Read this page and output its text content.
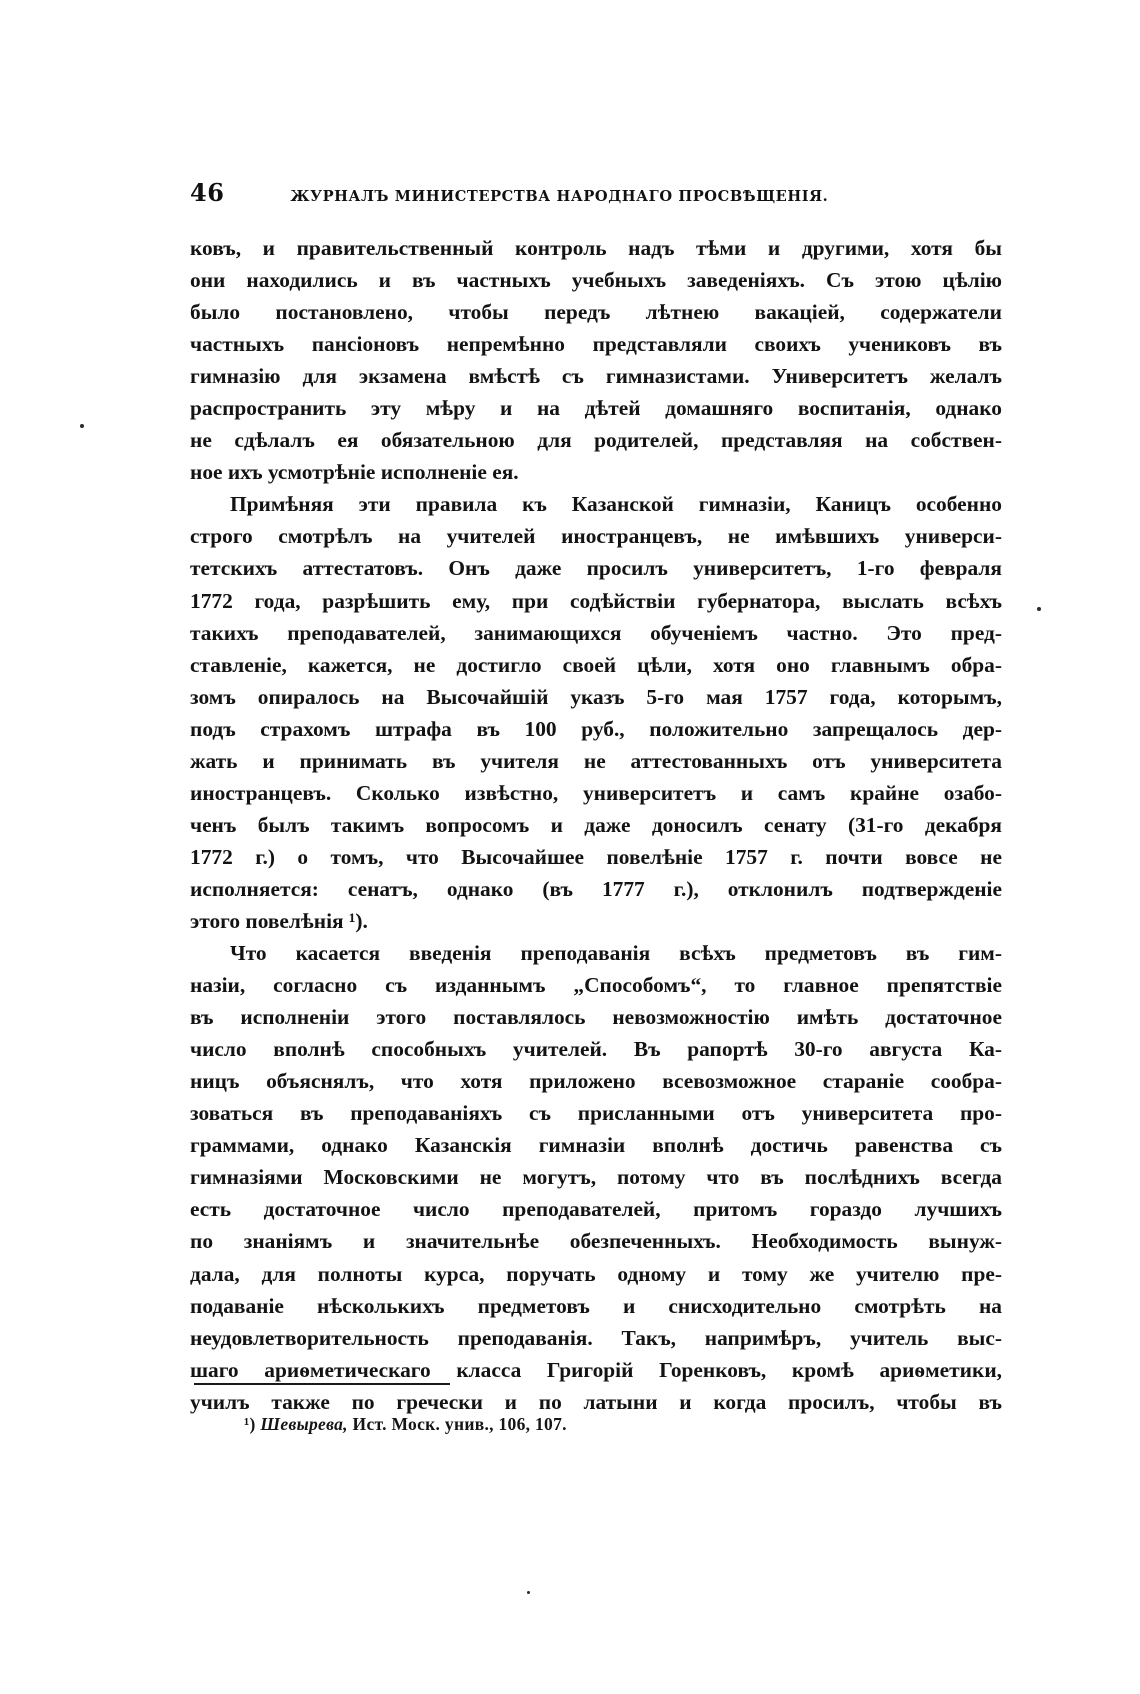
46	ЖУРНАЛЪ МИНИСТЕРСТВА НАРОДНАГО ПРОСВѢЩЕНІЯ.
ковъ, и правительственный контроль надъ тѣми и другими, хотя бы
они находились и въ частныхъ учебныхъ заведеніяхъ. Съ этою цѣлію
было постановлено, чтобы передъ лѣтнею вакацiей, содержатели
частныхъ пансіоновъ непремѣнно представляли своихъ учениковъ въ
гимназію для экзамена вмѣстѣ съ гимназистами. Университетъ желалъ
распространить эту мѣру и на дѣтей домашняго воспитанія, однако
не сдѣлалъ ея обязательною для родителей, представляя на собствен-
ное ихъ усмотрѣніе исполненіе ея.
Примѣняя эти правила къ Казанской гимназіи, Каницъ особенно
строго смотрѣлъ на учителей иностранцевъ, не имѣвшихъ универси-
тетскихъ аттестатовъ. Онъ даже просилъ университетъ, 1-го февраля
1772 года, разрѣшить ему, при содѣйствіи губернатора, выслать всѣхъ
такихъ преподавателей, занимающихся обученіемъ частно. Это пред-
ставленіе, кажется, не достигло своей цѣли, хотя оно главнымъ обра-
зомъ опиралось на Высочайшій указъ 5-го мая 1757 года, которымъ,
подъ страхомъ штрафа въ 100 руб., положительно запрещалось дер-
жать и принимать въ учителя не аттестованныхъ отъ университета
иностранцевъ. Сколько извѣстно, университетъ и самъ крайне озабо-
ченъ былъ такимъ вопросомъ и даже доносилъ сенату (31-го декабря
1772 г.) о томъ, что Высочайшее повелѣніе 1757 г. почти вовсе не
исполняется: сенатъ, однако (въ 1777 г.), отклонилъ подтвержденіе
этого повелѣнія ¹).
Что касается введенія преподаванія всѣхъ предметовъ въ гим-
назіи, согласно съ изданнымъ „Способомъ“, то главное препятствіе
въ исполненіи этого поставлялось невозможностію имѣть достаточное
число вполнѣ способныхъ учителей. Въ рапортѣ 30-го августа Ка-
ницъ объяснялъ, что хотя приложено всевозможное стараніе сообра-
зоваться въ преподаваніяхъ съ присланными отъ университета про-
граммами, однако Казанскія гимназіи вполнѣ достичь равенства съ
гимназіями Московскими не могутъ, потому что въ послѣднихъ всегда
есть достаточное число преподавателей, притомъ гораздо лучшихъ
по знаніямъ и значительнѣе обезпеченныхъ. Необходимость вынуж-
дала, для полноты курса, поручать одному и тому же учителю пре-
подаваніе нѣсколькихъ предметовъ и снисходительно смотрѣть на
неудовлетворительность преподаванія. Такъ, напримѣръ, учитель выс-
шаго ариѳметическаго класса Григорій Горенковъ, кромѣ ариѳметики,
училъ также по гречески и по латыни и когда просилъ, чтобы въ
¹) Шевырева, Ист. Моск. унив., 106, 107.
